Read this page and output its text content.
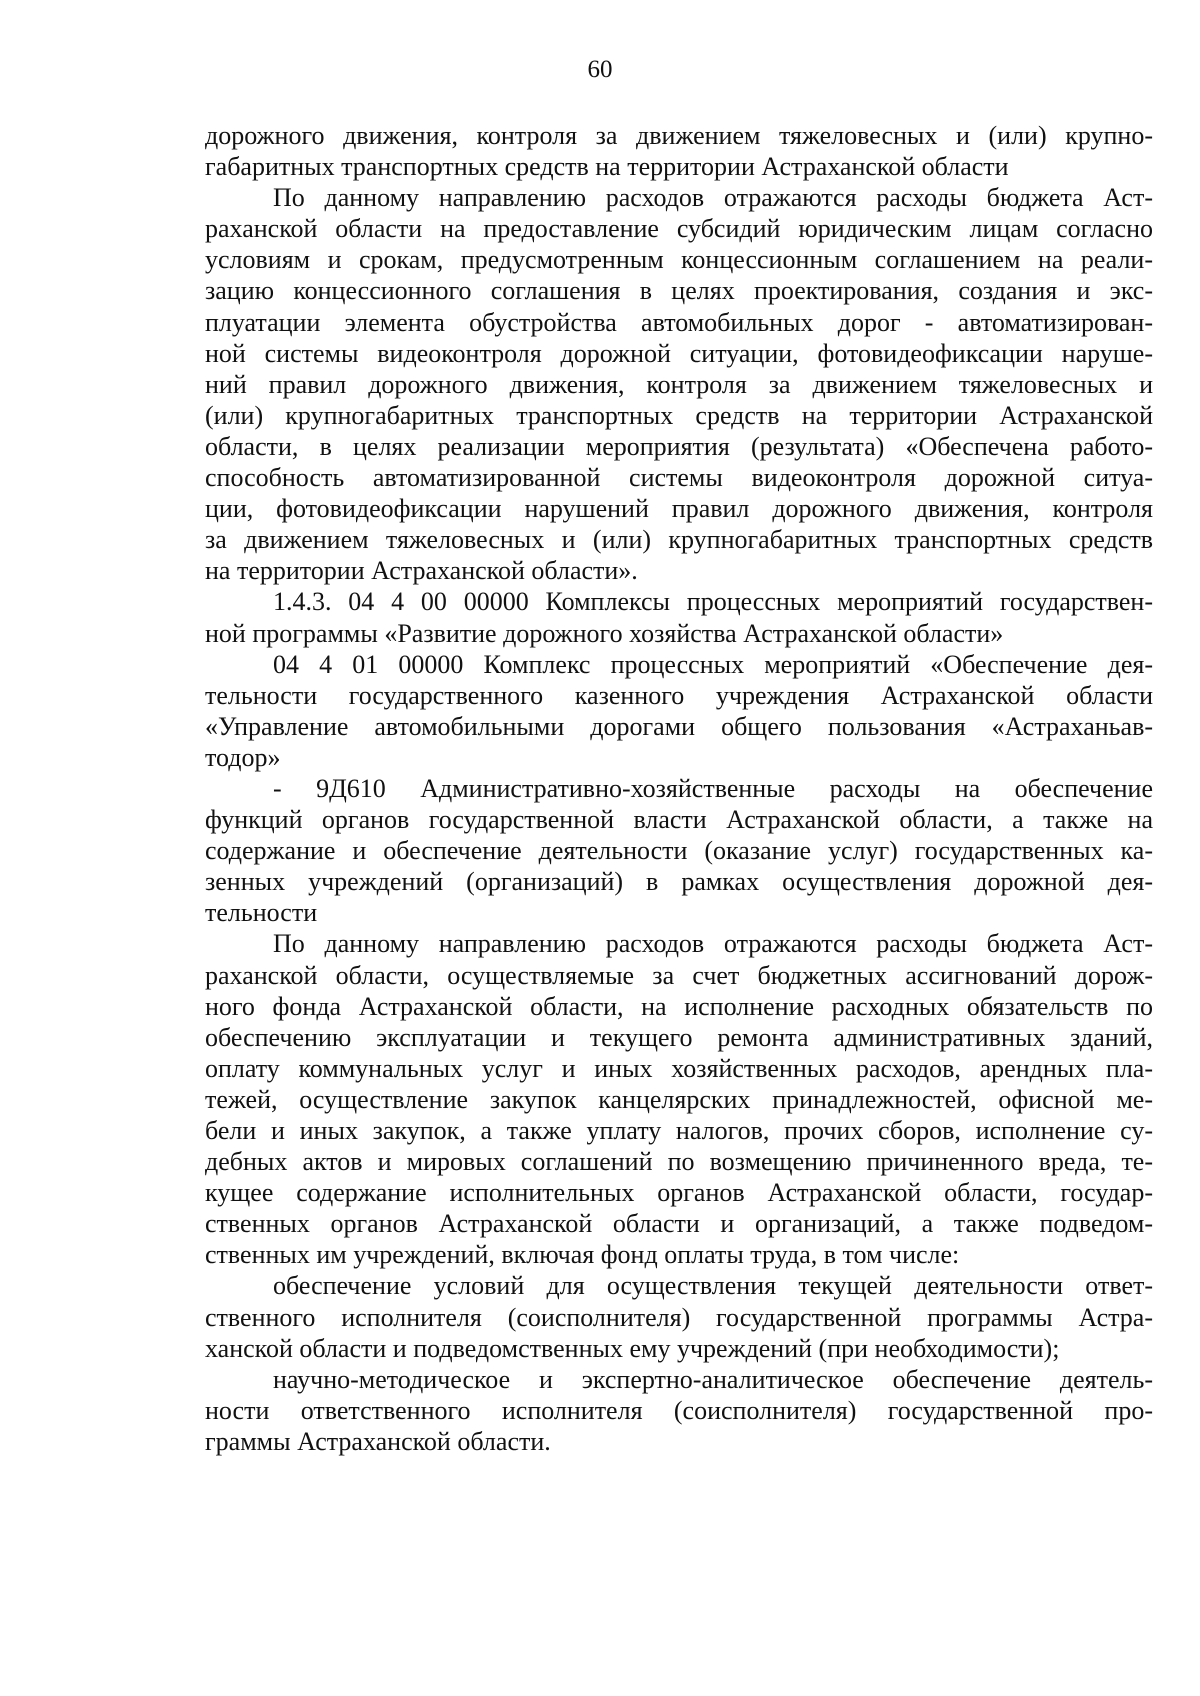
60
дорожного движения, контроля за движением тяжеловесных и (или) крупно-
габаритных транспортных средств на территории Астраханской области
По данному направлению расходов отражаются расходы бюджета Аст-
раханской области на предоставление субсидий юридическим лицам согласно
условиям и срокам, предусмотренным концессионным соглашением на реали-
зацию концессионного соглашения в целях проектирования, создания и экс-
плуатации элемента обустройства автомобильных дорог - автоматизирован-
ной системы видеоконтроля дорожной ситуации, фотовидеофиксации наруше-
ний правил дорожного движения, контроля за движением тяжеловесных и
(или) крупногабаритных транспортных средств на территории Астраханской
области, в целях реализации мероприятия (результата) «Обеспечена работо-
способность автоматизированной системы видеоконтроля дорожной ситуа-
ции, фотовидеофиксации нарушений правил дорожного движения, контроля
за движением тяжеловесных и (или) крупногабаритных транспортных средств
на территории Астраханской области».
1.4.3. 04 4 00 00000 Комплексы процессных мероприятий государствен-
ной программы «Развитие дорожного хозяйства Астраханской области»
04 4 01 00000 Комплекс процессных мероприятий «Обеспечение дея-
тельности государственного казенного учреждения Астраханской области
«Управление автомобильными дорогами общего пользования «Астраханьав-
тодор»
- 9Д610 Административно-хозяйственные расходы на обеспечение
функций органов государственной власти Астраханской области, а также на
содержание и обеспечение деятельности (оказание услуг) государственных ка-
зенных учреждений (организаций) в рамках осуществления дорожной дея-
тельности
По данному направлению расходов отражаются расходы бюджета Аст-
раханской области, осуществляемые за счет бюджетных ассигнований дорож-
ного фонда Астраханской области, на исполнение расходных обязательств по
обеспечению эксплуатации и текущего ремонта административных зданий,
оплату коммунальных услуг и иных хозяйственных расходов, арендных пла-
тежей, осуществление закупок канцелярских принадлежностей, офисной ме-
бели и иных закупок, а также уплату налогов, прочих сборов, исполнение су-
дебных актов и мировых соглашений по возмещению причиненного вреда, те-
кущее содержание исполнительных органов Астраханской области, государ-
ственных органов Астраханской области и организаций, а также подведом-
ственных им учреждений, включая фонд оплаты труда, в том числе:
обеспечение условий для осуществления текущей деятельности ответ-
ственного исполнителя (соисполнителя) государственной программы Астра-
ханской области и подведомственных ему учреждений (при необходимости);
научно-методическое и экспертно-аналитическое обеспечение деятель-
ности ответственного исполнителя (соисполнителя) государственной про-
граммы Астраханской области.
